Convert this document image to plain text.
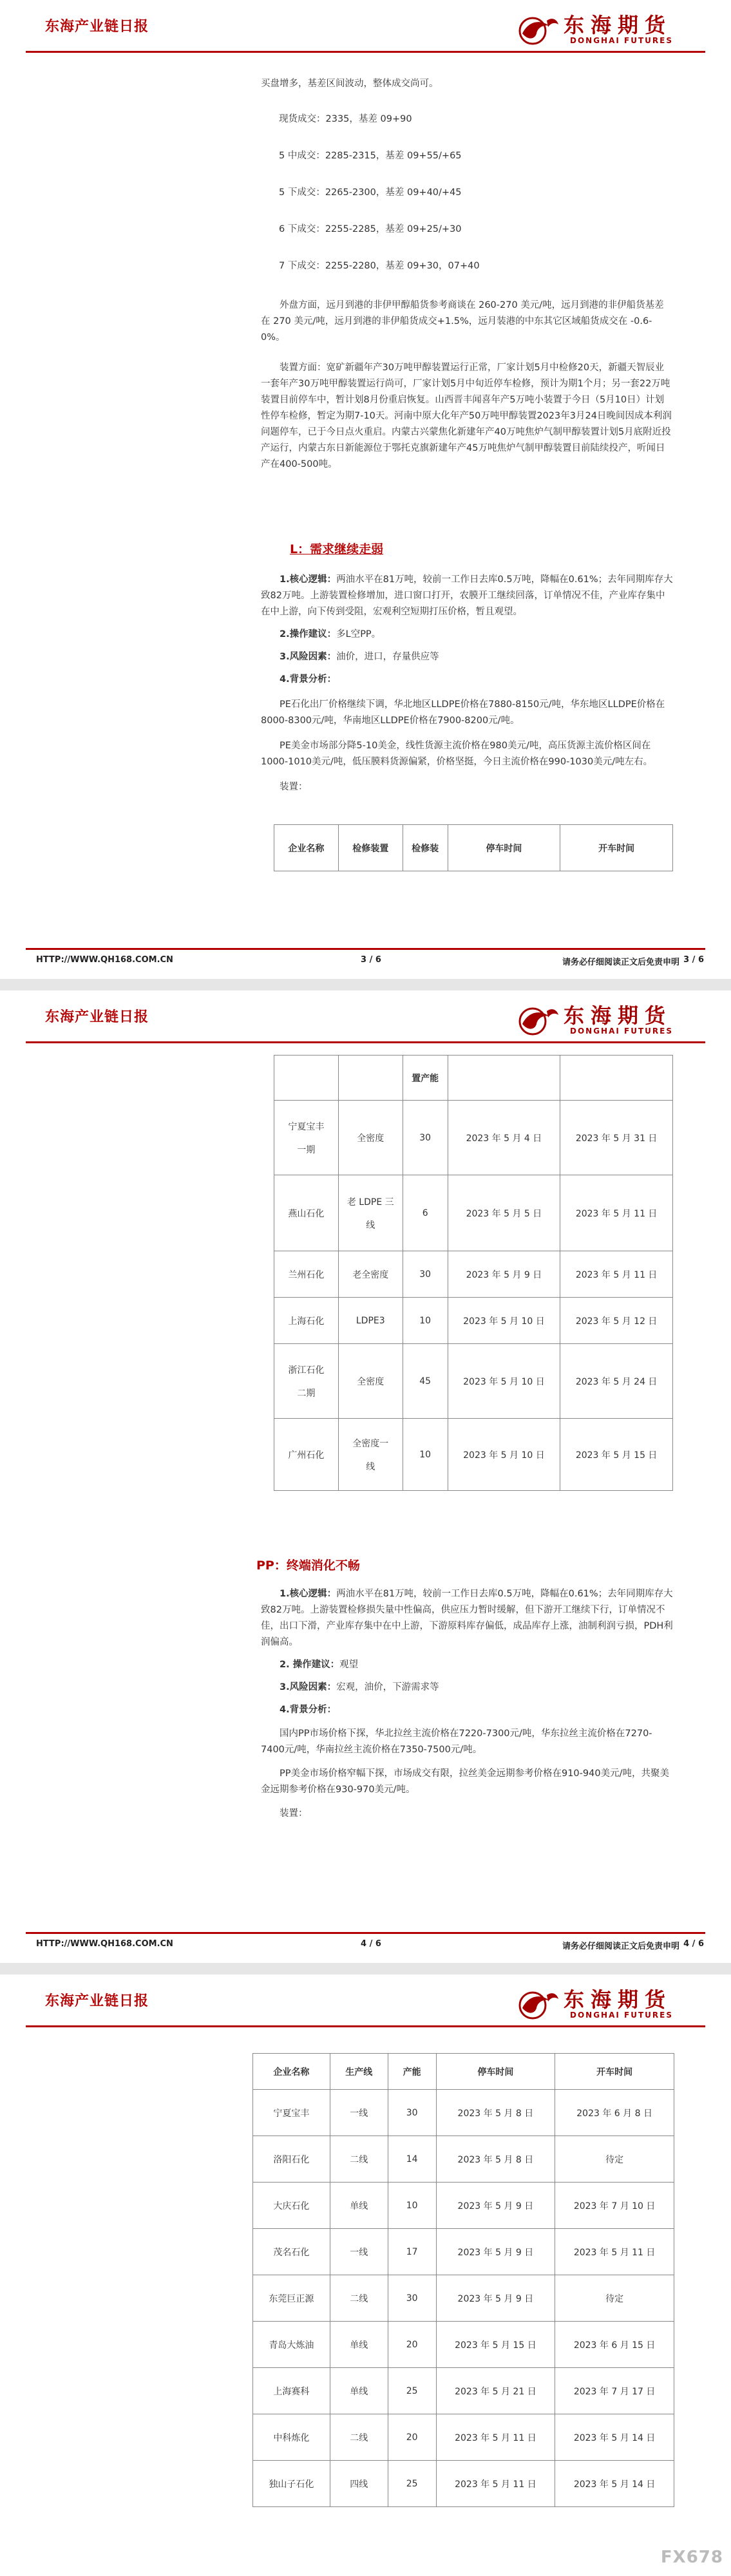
东海产业链日报	东海期货
DONGHAI FUTURES

买盘增多，基差区间波动，整体成交尚可。

现货成交：2335，基差 09+90

5 中成交：2285-2315，基差 09+55/+65

5 下成交：2265-2300，基差 09+40/+45

6 下成交：2255-2285，基差 09+25/+30

7 下成交：2255-2280，基差 09+30，07+40

外盘方面，远月到港的非伊甲醇船货参考商谈在 260-270 美元/吨，远月到港的非伊船货基差在 270 美元/吨，远月到港的非伊船货成交+1.5%，远月装港的中东其它区域船货成交在 -0.6-0%。

装置方面：宽矿新疆年产30万吨甲醇装置运行正常，厂家计划5月中检修20天，新疆天智辰业一套年产30万吨甲醇装置运行尚可，厂家计划5月中旬近停车检修，预计为期1个月；另一套22万吨装置目前停车中，暂计划8月份重启恢复。山西晋丰闻喜年产5万吨小装置于今日（5月10日）计划性停车检修，暂定为期7-10天。河南中原大化年产50万吨甲醇装置2023年3月24日晚间因成本利润问题停车，已于今日点火重启。内蒙古兴蒙焦化新建年产40万吨焦炉气制甲醇装置计划5月底附近投产运行，内蒙古东日新能源位于鄂托克旗新建年产45万吨焦炉气制甲醇装置目前陆续投产，听闻日产在400-500吨。

L：需求继续走弱

1.核心逻辑：两油水平在81万吨，较前一工作日去库0.5万吨，降幅在0.61%；去年同期库存大致82万吨。上游装置检修增加，进口窗口打开，农膜开工继续回落，订单情况不佳，产业库存集中在中上游，向下传到受阻，宏观利空短期打压价格，暂且观望。

2.操作建议：多L空PP。

3.风险因素：油价，进口，存量供应等

4.背景分析：

PE石化出厂价格继续下调，华北地区LLDPE价格在7880-8150元/吨，华东地区LLDPE价格在8000-8300元/吨，华南地区LLDPE价格在7900-8200元/吨。

PE美金市场部分降5-10美金，线性货源主流价格在980美元/吨，高压货源主流价格区间在1000-1010美元/吨，低压膜料货源偏紧，价格坚挺，今日主流价格在990-1030美元/吨左右。

装置：

企业名称	检修装置	检修装	停车时间	开车时间
HTTP://WWW.QH168.COM.CN	3 / 6	请务必仔细阅读正文后免责申明 3 / 6
东海产业链日报	东海期货
DONGHAI FUTURES
		置产能		

宁夏宝丰
一期	全密度	30	2023 年 5 月 4 日	2023 年 5 月 31 日
燕山石化	老 LDPE 三
线	6	2023 年 5 月 5 日	2023 年 5 月 11 日
兰州石化	老全密度	30	2023 年 5 月 9 日	2023 年 5 月 11 日
上海石化	LDPE3	10	2023 年 5 月 10 日	2023 年 5 月 12 日

浙江石化
二期	全密度	45	2023 年 5 月 10 日	2023 年 5 月 24 日
广州石化	全密度一
线	10	2023 年 5 月 10 日	2023 年 5 月 15 日
PP：终端消化不畅

1.核心逻辑：两油水平在81万吨，较前一工作日去库0.5万吨，降幅在0.61%；去年同期库存大致82万吨。上游装置检修损失量中性偏高，供应压力暂时缓解，但下游开工继续下行，订单情况不佳，出口下滑，产业库存集中在中上游，下游原料库存偏低，成品库存上涨，油制利润亏损，PDH利润偏高。

2. 操作建议：观望

3.风险因素：宏观，油价，下游需求等

4.背景分析：

国内PP市场价格下探，华北拉丝主流价格在7220-7300元/吨，华东拉丝主流价格在7270-7400元/吨，华南拉丝主流价格在7350-7500元/吨。

PP美金市场价格窄幅下探，市场成交有限，拉丝美金远期参考价格在910-940美元/吨，共聚美金远期参考价格在930-970美元/吨。

装置：

HTTP://WWW.QH168.COM.CN	4 / 6	请务必仔细阅读正文后免责申明 4 / 6
东海产业链日报	东海期货
DONGHAI FUTURES
企业名称	生产线	产能	停车时间	开车时间
宁夏宝丰	一线	30	2023 年 5 月 8 日	2023 年 6 月 8 日
洛阳石化	二线	14	2023 年 5 月 8 日	待定
大庆石化	单线	10	2023 年 5 月 9 日	2023 年 7 月 10 日
茂名石化	一线	17	2023 年 5 月 9 日	2023 年 5 月 11 日
东莞巨正源	二线	30	2023 年 5 月 9 日	待定
青岛大炼油	单线	20	2023 年 5 月 15 日	2023 年 6 月 15 日
上海赛科	单线	25	2023 年 5 月 21 日	2023 年 7 月 17 日
中科炼化	二线	20	2023 年 5 月 11 日	2023 年 5 月 14 日
独山子石化	四线	25	2023 年 5 月 11 日	2023 年 5 月 14 日
FX678
